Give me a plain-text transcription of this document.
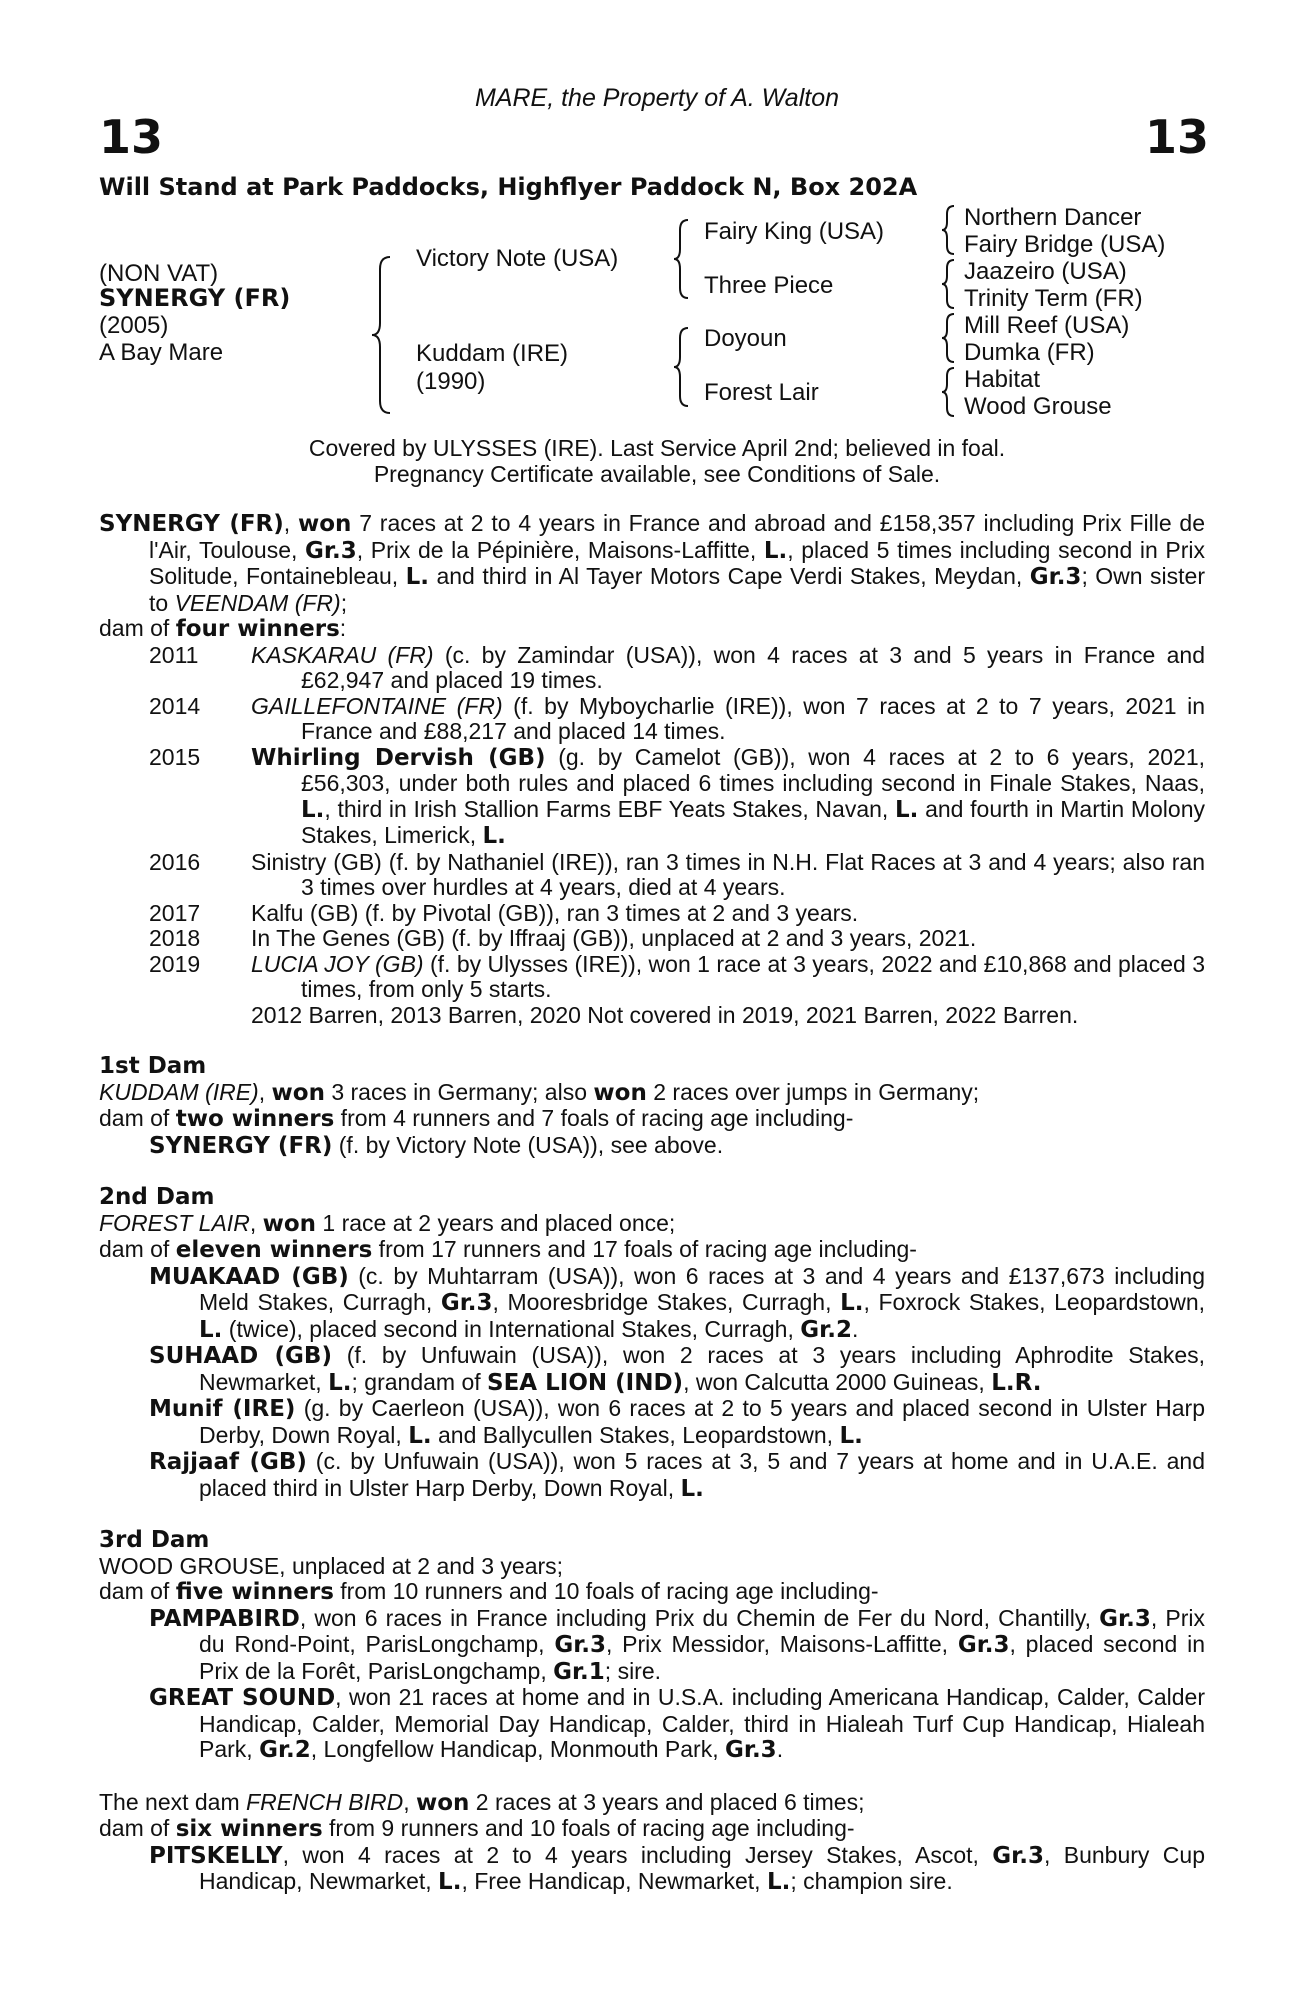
MARE, the Property of A. Walton
13	13
Will Stand at Park Paddocks, Highflyer Paddock N, Box 202A
(NON VAT)
SYNERGY (FR)
(2005)
A Bay Mare
Victory Note (USA)
Kuddam (IRE)
(1990)
Fairy King (USA)
Three Piece
Doyoun
Forest Lair
Northern Dancer
Fairy Bridge (USA)
Jaazeiro (USA)
Trinity Term (FR)
Mill Reef (USA)
Dumka (FR)
Habitat
Wood Grouse
Covered by ULYSSES (IRE). Last Service April 2nd; believed in foal.
Pregnancy Certificate available, see Conditions of Sale.

SYNERGY (FR), won 7 races at 2 to 4 years in France and abroad and £158,357 including Prix Fille de l'Air, Toulouse, Gr.3, Prix de la Pépinière, Maisons-Laffitte, L., placed 5 times including second in Prix Solitude, Fontainebleau, L. and third in Al Tayer Motors Cape Verdi Stakes, Meydan, Gr.3; Own sister to VEENDAM (FR);

dam of four winners:

2011 KASKARAU (FR) (c. by Zamindar (USA)), won 4 races at 3 and 5 years in France and £62,947 and placed 19 times.
2014 GAILLEFONTAINE (FR) (f. by Myboycharlie (IRE)), won 7 races at 2 to 7 years, 2021 in France and £88,217 and placed 14 times.
2015 Whirling Dervish (GB) (g. by Camelot (GB)), won 4 races at 2 to 6 years, 2021, £56,303, under both rules and placed 6 times including second in Finale Stakes, Naas, L., third in Irish Stallion Farms EBF Yeats Stakes, Navan, L. and fourth in Martin Molony Stakes, Limerick, L.
2016 Sinistry (GB) (f. by Nathaniel (IRE)), ran 3 times in N.H. Flat Races at 3 and 4 years; also ran 3 times over hurdles at 4 years, died at 4 years.
2017 Kalfu (GB) (f. by Pivotal (GB)), ran 3 times at 2 and 3 years.
2018 In The Genes (GB) (f. by Iffraaj (GB)), unplaced at 2 and 3 years, 2021.
2019 LUCIA JOY (GB) (f. by Ulysses (IRE)), won 1 race at 3 years, 2022 and £10,868 and placed 3 times, from only 5 starts.
2012 Barren, 2013 Barren, 2020 Not covered in 2019, 2021 Barren, 2022 Barren.

1st Dam

KUDDAM (IRE), won 3 races in Germany; also won 2 races over jumps in Germany;

dam of two winners from 4 runners and 7 foals of racing age including-

SYNERGY (FR) (f. by Victory Note (USA)), see above.

2nd Dam

FOREST LAIR, won 1 race at 2 years and placed once;

dam of eleven winners from 17 runners and 17 foals of racing age including-

MUAKAAD (GB) (c. by Muhtarram (USA)), won 6 races at 3 and 4 years and £137,673 including Meld Stakes, Curragh, Gr.3, Mooresbridge Stakes, Curragh, L., Foxrock Stakes, Leopardstown, L. (twice), placed second in International Stakes, Curragh, Gr.2.

SUHAAD (GB) (f. by Unfuwain (USA)), won 2 races at 3 years including Aphrodite Stakes, Newmarket, L.; grandam of SEA LION (IND), won Calcutta 2000 Guineas, L.R.

Munif (IRE) (g. by Caerleon (USA)), won 6 races at 2 to 5 years and placed second in Ulster Harp Derby, Down Royal, L. and Ballycullen Stakes, Leopardstown, L.

Rajjaaf (GB) (c. by Unfuwain (USA)), won 5 races at 3, 5 and 7 years at home and in U.A.E. and placed third in Ulster Harp Derby, Down Royal, L.

3rd Dam

WOOD GROUSE, unplaced at 2 and 3 years;

dam of five winners from 10 runners and 10 foals of racing age including-

PAMPABIRD, won 6 races in France including Prix du Chemin de Fer du Nord, Chantilly, Gr.3, Prix du Rond-Point, ParisLongchamp, Gr.3, Prix Messidor, Maisons-Laffitte, Gr.3, placed second in Prix de la Forêt, ParisLongchamp, Gr.1; sire.

GREAT SOUND, won 21 races at home and in U.S.A. including Americana Handicap, Calder, Calder Handicap, Calder, Memorial Day Handicap, Calder, third in Hialeah Turf Cup Handicap, Hialeah Park, Gr.2, Longfellow Handicap, Monmouth Park, Gr.3.

The next dam FRENCH BIRD, won 2 races at 3 years and placed 6 times;

dam of six winners from 9 runners and 10 foals of racing age including-

PITSKELLY, won 4 races at 2 to 4 years including Jersey Stakes, Ascot, Gr.3, Bunbury Cup Handicap, Newmarket, L., Free Handicap, Newmarket, L.; champion sire.
